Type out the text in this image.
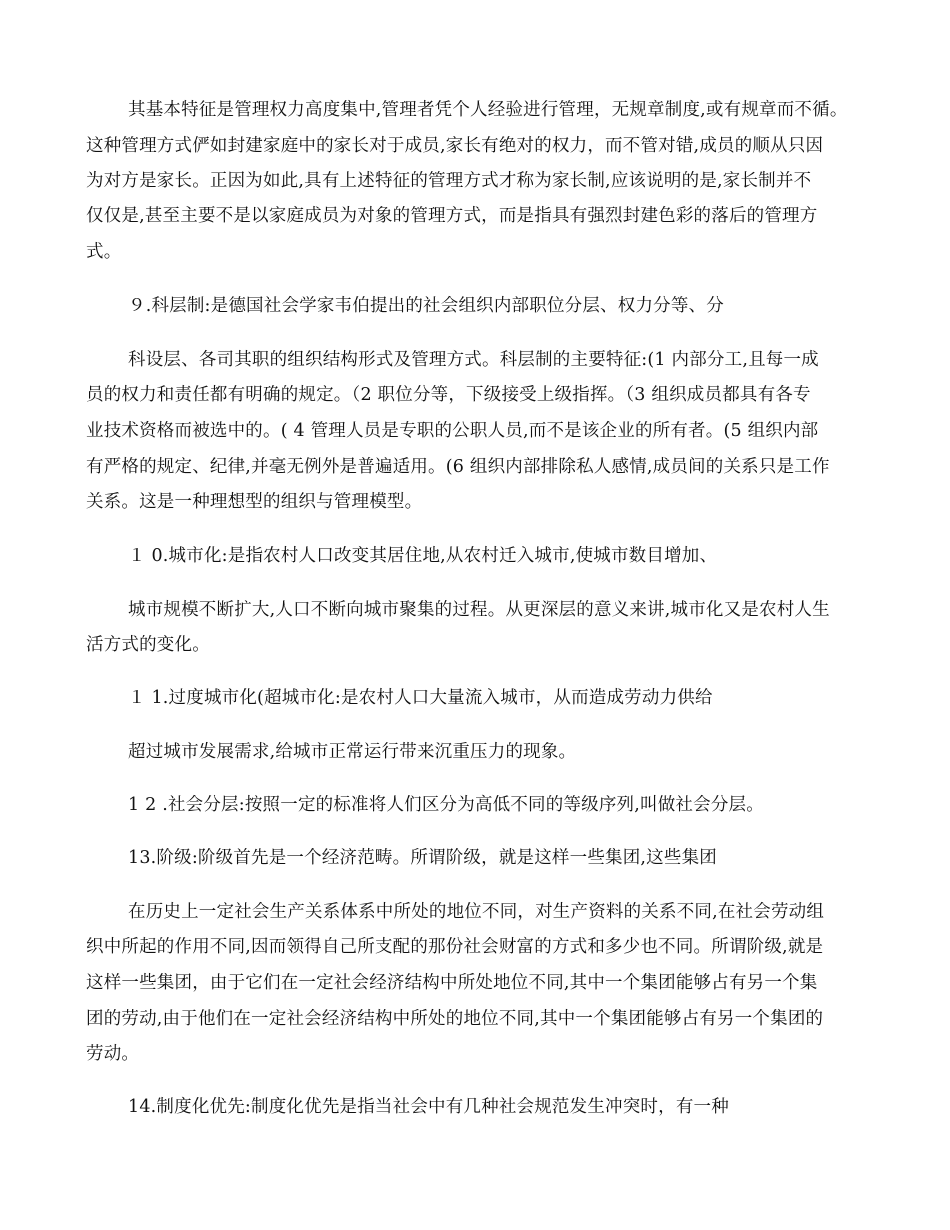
其基本特征是管理权力高度集中,管理者凭个人经验进行管理，无规章制度,或有规章而不循。
这种管理方式俨如封建家庭中的家长对于成员,家长有绝对的权力，而不管对错,成员的顺从只因
为对方是家长。正因为如此,具有上述特征的管理方式才称为家长制,应该说明的是,家长制并不
仅仅是,甚至主要不是以家庭成员为对象的管理方式，而是指具有强烈封建色彩的落后的管理方
式。
９.科层制:是德国社会学家韦伯提出的社会组织内部职位分层、权力分等、分
科设层、各司其职的组织结构形式及管理方式。科层制的主要特征:(1 内部分工,且每一成
员的权力和责任都有明确的规定。（2 职位分等，下级接受上级指挥。（3 组织成员都具有各专
业技术资格而被选中的。( 4 管理人员是专职的公职人员,而不是该企业的所有者。(5 组织内部
有严格的规定、纪律,并毫无例外是普遍适用。(6 组织内部排除私人感情,成员间的关系只是工作
关系。这是一种理想型的组织与管理模型。
１ 0.城市化:是指农村人口改变其居住地,从农村迁入城市,使城市数目增加、
城市规模不断扩大,人口不断向城市聚集的过程。从更深层的意义来讲,城市化又是农村人生
活方式的变化。
１ 1.过度城市化(超城市化:是农村人口大量流入城市，从而造成劳动力供给
超过城市发展需求,给城市正常运行带来沉重压力的现象。
1 2 .社会分层:按照一定的标准将人们区分为高低不同的等级序列,叫做社会分层。
13.阶级:阶级首先是一个经济范畴。所谓阶级，就是这样一些集团,这些集团
在历史上一定社会生产关系体系中所处的地位不同，对生产资料的关系不同,在社会劳动组
织中所起的作用不同,因而领得自己所支配的那份社会财富的方式和多少也不同。所谓阶级,就是
这样一些集团，由于它们在一定社会经济结构中所处地位不同,其中一个集团能够占有另一个集
团的劳动,由于他们在一定社会经济结构中所处的地位不同,其中一个集团能够占有另一个集团的
劳动。
14.制度化优先:制度化优先是指当社会中有几种社会规范发生冲突时，有一种
